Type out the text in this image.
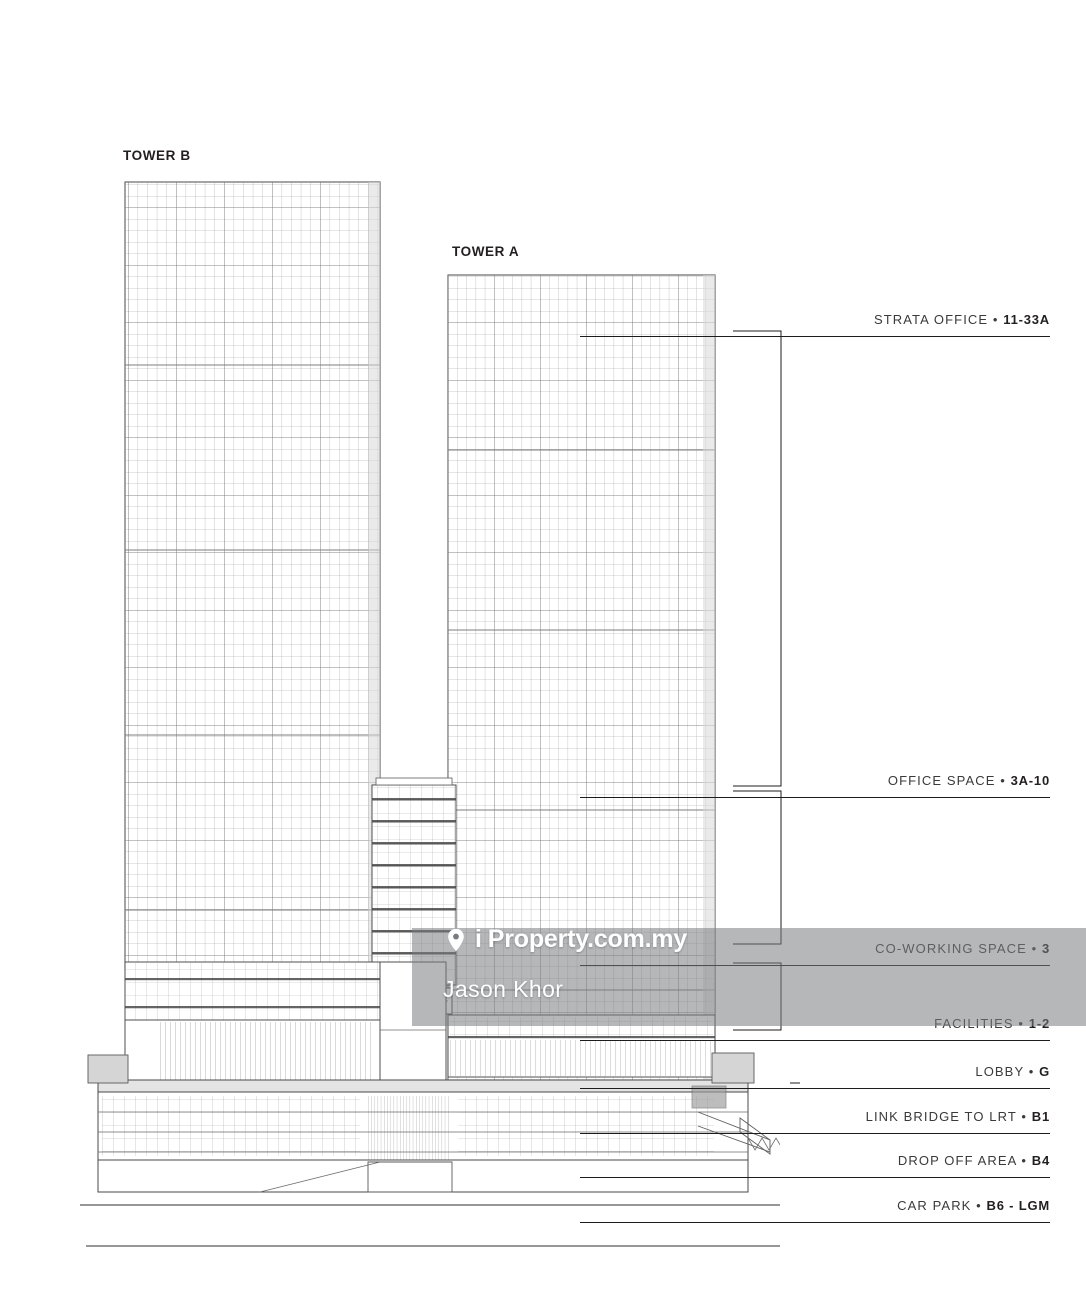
TOWER B
TOWER A
STRATA OFFICE • 11-33A
OFFICE SPACE • 3A-10
LOBBY • G
LINK BRIDGE TO LRT • B1
DROP OFF AREA • B4
CAR PARK • B6 - LGM
i Property.com.my
Jason Khor
